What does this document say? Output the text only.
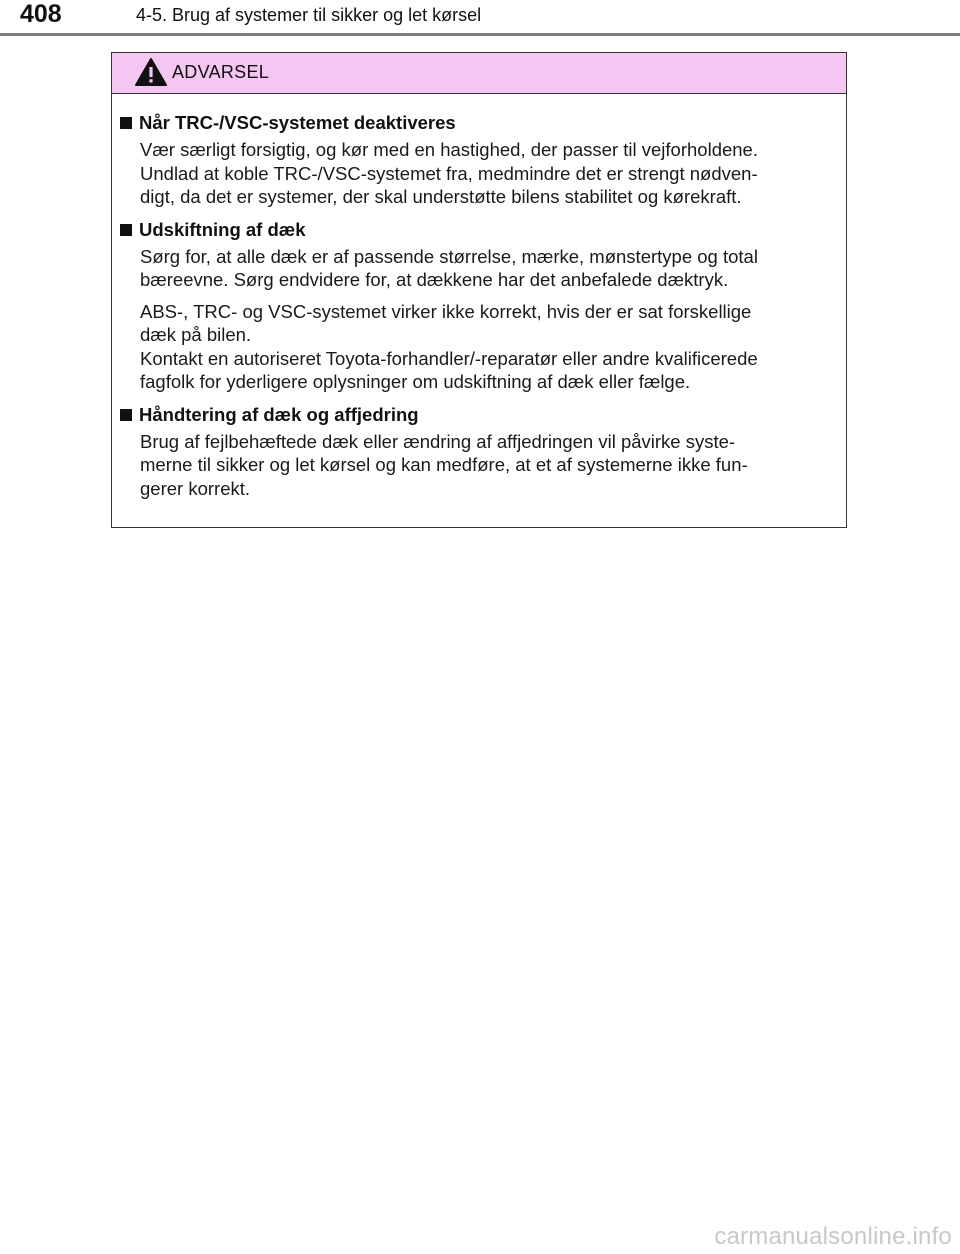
408	4-5. Brug af systemer til sikker og let kørsel
ADVARSEL
Når TRC-/VSC-systemet deaktiveres
Vær særligt forsigtig, og kør med en hastighed, der passer til vejforholdene.
Undlad at koble TRC-/VSC-systemet fra, medmindre det er strengt nødven-
digt, da det er systemer, der skal understøtte bilens stabilitet og kørekraft.
Udskiftning af dæk
Sørg for, at alle dæk er af passende størrelse, mærke, mønstertype og total
bæreevne. Sørg endvidere for, at dækkene har det anbefalede dæktryk.
ABS-, TRC- og VSC-systemet virker ikke korrekt, hvis der er sat forskellige
dæk på bilen.
Kontakt en autoriseret Toyota-forhandler/-reparatør eller andre kvalificerede
fagfolk for yderligere oplysninger om udskiftning af dæk eller fælge.
Håndtering af dæk og affjedring
Brug af fejlbehæftede dæk eller ændring af affjedringen vil påvirke syste-
merne til sikker og let kørsel og kan medføre, at et af systemerne ikke fun-
gerer korrekt.
carmanualsonline.info
